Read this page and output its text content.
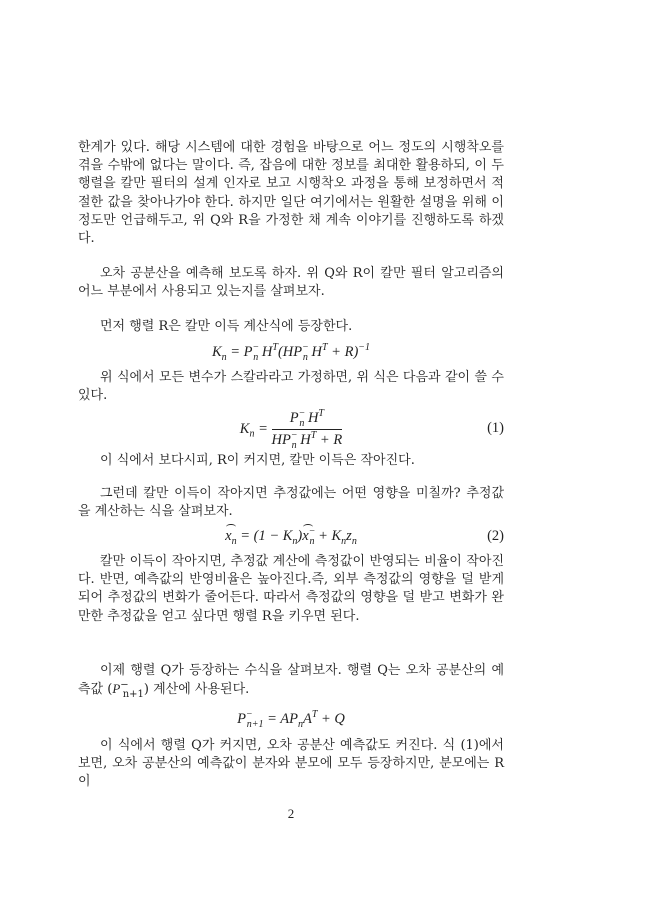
한계가 있다. 해당 시스템에 대한 경험을 바탕으로 어느 정도의 시행착오를 겪을 수밖에 없다는 말이다. 즉, 잡음에 대한 정보를 최대한 활용하되, 이 두 행렬을 칼만 필터의 설계 인자로 보고 시행착오 과정을 통해 보정하면서 적절한 값을 찾아나가야 한다. 하지만 일단 여기에서는 원활한 설명을 위해 이 정도만 언급해두고, 위 Q와 R을 가정한 채 계속 이야기를 진행하도록 하겠다.

오차 공분산을 예측해 보도록 하자. 위 Q와 R이 칼만 필터 알고리즘의 어느 부분에서 사용되고 있는지를 살펴보자.

먼저 행렬 R은 칼만 이득 계산식에 등장한다.

$K_n = P^-_n$ $H^T(HP^-_n$ $H^T + R)^{-1}$

위 식에서 모든 변수가 스칼라라고 가정하면, 위 식은 다음과 같이 쓸 수 있다.

$K_n = \frac{P^-_n H^T}{HP^-_n H^T + R}$	(1)

이 식에서 보다시피, R이 커지면, 칼만 이득은 작아진다.

그런데 칼만 이득이 작아지면 추정값에는 어떤 영향을 미칠까? 추정값을 계산하는 식을 살펴보자.

$x_n = (1 - K_n)x^-_n + K_nz_n$	(2)

칼만 이득이 작아지면, 추정값 계산에 측정값이 반영되는 비율이 작아진다. 반면, 예측값의 반영비율은 높아진다.즉, 외부 측정값의 영향을 덜 받게 되어 추정값의 변화가 줄어든다. 따라서 측정값의 영향을 덜 받고 변화가 완만한 추정값을 얻고 싶다면 행렬 R을 키우면 된다.

이제 행렬 Q가 등장하는 수식을 살펴보자. 행렬 Q는 오차 공분산의 예측값 $(P^-_{n+1})$ 계산에 사용된다.

$P^-_{n+1} = AP_nA^T + Q$

이 식에서 행렬 Q가 커지면, 오차 공분산 예측값도 커진다. 식 (1)에서 보면, 오차 공분산의 예측값이 분자와 분모에 모두 등장하지만, 분모에는 R이

2
